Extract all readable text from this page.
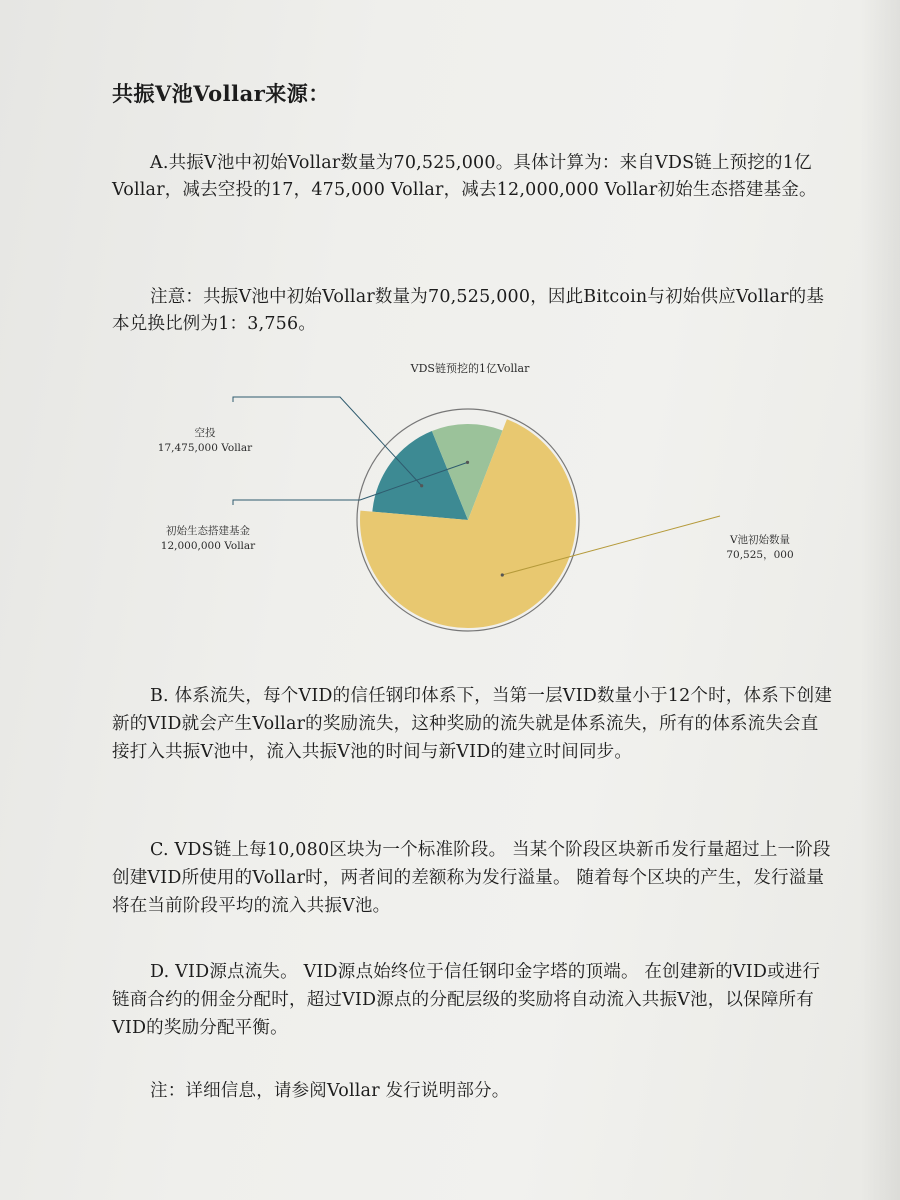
共振V池Vollar来源：

A.共振V池中初始Vollar数量为70,525,000。具体计算为：来自VDS链上预挖的1亿Vollar，减去空投的17，475,000 Vollar，减去12,000,000 Vollar初始生态搭建基金。

注意：共振V池中初始Vollar数量为70,525,000，因此Bitcoin与初始供应Vollar的基本兑换比例为1：3,756。

VDS链预挖的1亿Vollar
空投
17,475,000 Vollar
初始生态搭建基金
12,000,000 Vollar	V池初始数量
70,525，000

B. 体系流失，每个VID的信任钢印体系下，当第一层VID数量小于12个时，体系下创建新的VID就会产生Vollar的奖励流失，这种奖励的流失就是体系流失，所有的体系流失会直接打入共振V池中，流入共振V池的时间与新VID的建立时间同步。

C. VDS链上每10,080区块为一个标准阶段。 当某个阶段区块新币发行量超过上一阶段创建VID所使用的Vollar时，两者间的差额称为发行溢量。 随着每个区块的产生，发行溢量将在当前阶段平均的流入共振V池。

D. VID源点流失。 VID源点始终位于信任钢印金字塔的顶端。 在创建新的VID或进行链商合约的佣金分配时，超过VID源点的分配层级的奖励将自动流入共振V池，以保障所有VID的奖励分配平衡。

注：详细信息，请参阅Vollar 发行说明部分。
